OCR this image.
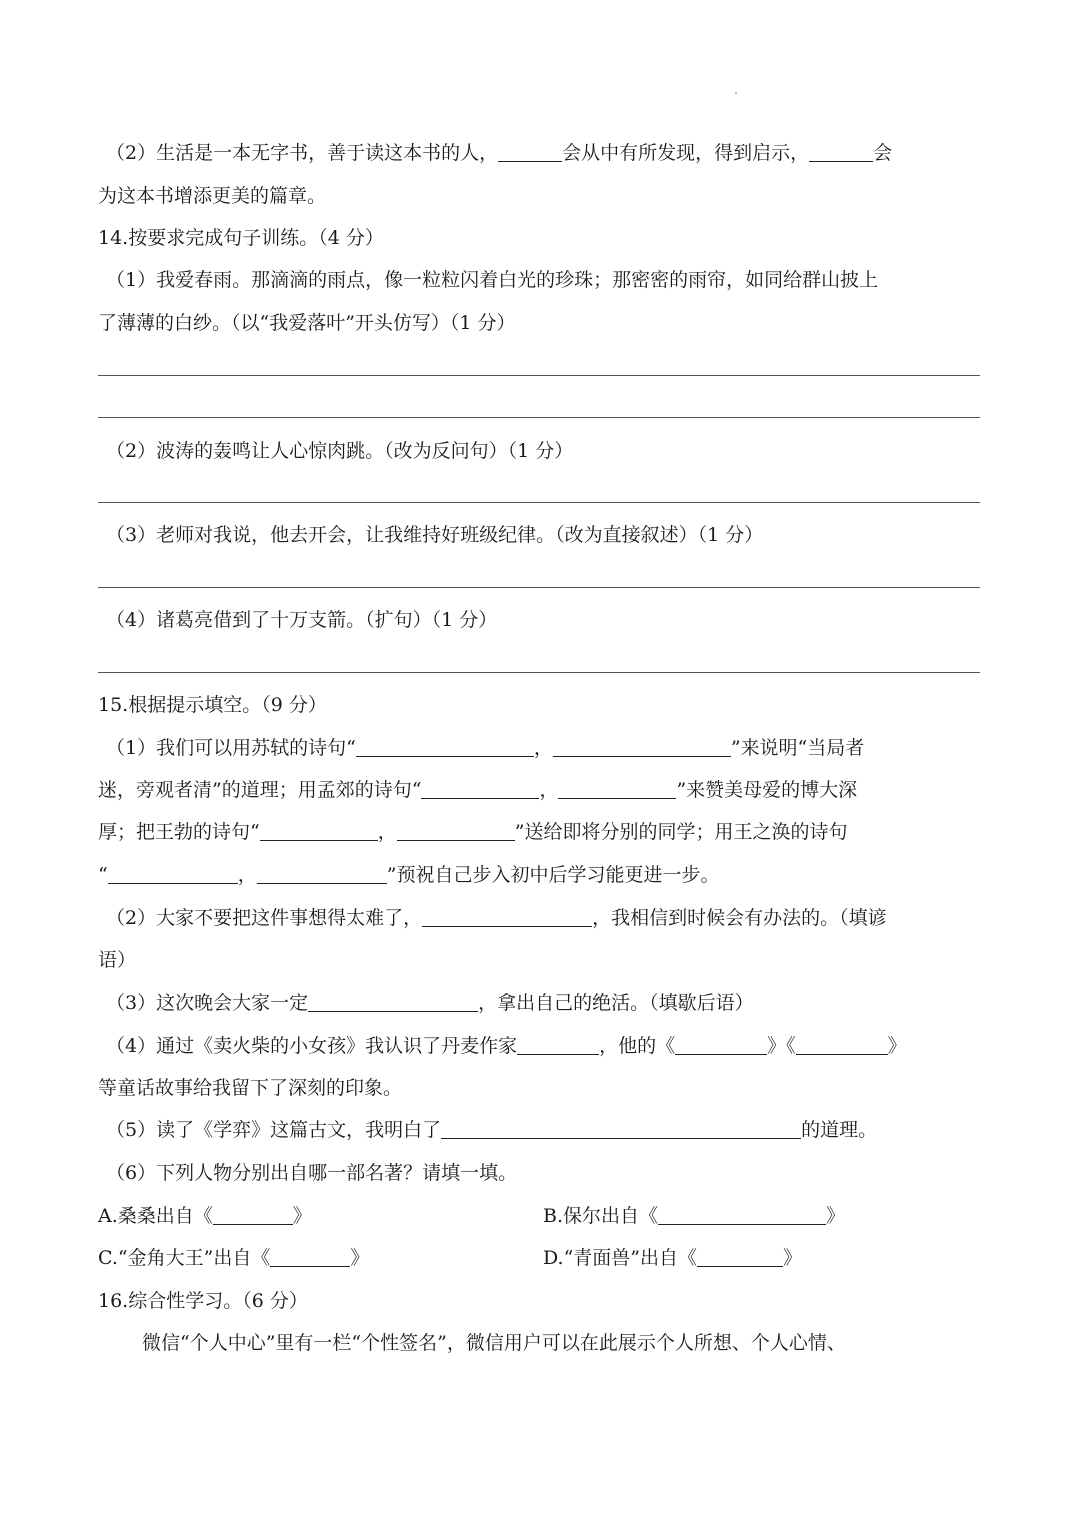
（2）生活是一本无字书，善于读这本书的人，	会从中有所发现，得到启示，	会
为这本书增添更美的篇章。
14.按要求完成句子训练。（4 分）
（1）我爱春雨。那滴滴的雨点，像一粒粒闪着白光的珍珠；那密密的雨帘，如同给群山披上
了薄薄的白纱。（以“我爱落叶”开头仿写）（1 分）
（2）波涛的轰鸣让人心惊肉跳。（改为反问句）（1 分）
（3）老师对我说，他去开会，让我维持好班级纪律。（改为直接叙述）（1 分）
（4）诸葛亮借到了十万支箭。（扩句）（1 分）
15.根据提示填空。（9 分）
（1）我们可以用苏轼的诗句“	，	”来说明“当局者
迷，旁观者清”的道理；用孟郊的诗句“	，	”来赞美母爱的博大深
厚；把王勃的诗句“	，	”送给即将分别的同学；用王之涣的诗句
“	，	”预祝自己步入初中后学习能更进一步。
（2）大家不要把这件事想得太难了，	，我相信到时候会有办法的。（填谚
语）
（3）这次晚会大家一定	，拿出自己的绝活。（填歇后语）
（4）通过《卖火柴的小女孩》我认识了丹麦作家	，他的《	》《	》
等童话故事给我留下了深刻的印象。
（5）读了《学弈》这篇古文，我明白了	的道理。
（6）下列人物分别出自哪一部名著？请填一填。
A.桑桑出自《	》	B.保尔出自《	》
C.“金角大王”出自《	》	D.“青面兽”出自《	》
16.综合性学习。（6 分）
微信“个人中心”里有一栏“个性签名”，微信用户可以在此展示个人所想、个人心情、
